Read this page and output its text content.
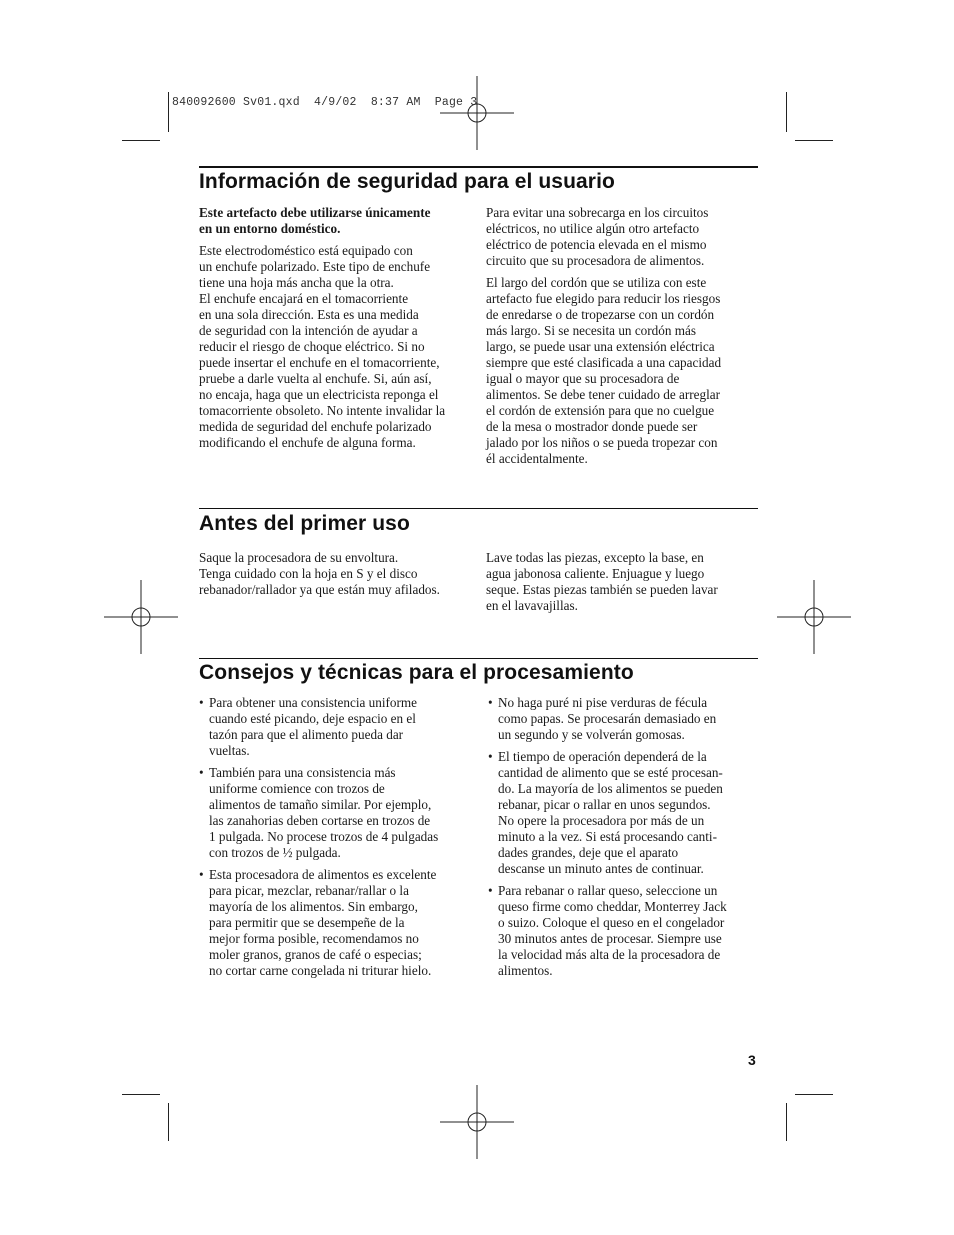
840092600 Sv01.qxd  4/9/02  8:37 AM  Page 3
Información de seguridad para el usuario

Este artefacto debe utilizarse únicamente
en un entorno doméstico.

Este electrodoméstico está equipado con
un enchufe polarizado. Este tipo de enchufe
tiene una hoja más ancha que la otra.
El enchufe encajará en el tomacorriente
en una sola dirección. Esta es una medida
de seguridad con la intención de ayudar a
reducir el riesgo de choque eléctrico. Si no
puede insertar el enchufe en el tomacorriente,
pruebe a darle vuelta al enchufe. Si, aún así,
no encaja, haga que un electricista reponga el
tomacorriente obsoleto. No intente invalidar la
medida de seguridad del enchufe polarizado
modificando el enchufe de alguna forma.

Para evitar una sobrecarga en los circuitos
eléctricos, no utilice algún otro artefacto
eléctrico de potencia elevada en el mismo
circuito que su procesadora de alimentos.

El largo del cordón que se utiliza con este
artefacto fue elegido para reducir los riesgos
de enredarse o de tropezarse con un cordón
más largo. Si se necesita un cordón más
largo, se puede usar una extensión eléctrica
siempre que esté clasificada a una capacidad
igual o mayor que su procesadora de
alimentos. Se debe tener cuidado de arreglar
el cordón de extensión para que no cuelgue
de la mesa o mostrador donde puede ser
jalado por los niños o se pueda tropezar con
él accidentalmente.

Antes del primer uso

Saque la procesadora de su envoltura.
Tenga cuidado con la hoja en S y el disco
rebanador/rallador ya que están muy afilados.

Lave todas las piezas, excepto la base, en
agua jabonosa caliente. Enjuague y luego
seque. Estas piezas también se pueden lavar
en el lavavajillas.

Consejos y técnicas para el procesamiento
• Para obtener una consistencia uniforme
cuando esté picando, deje espacio en el
tazón para que el alimento pueda dar
vueltas.
• También para una consistencia más
uniforme comience con trozos de
alimentos de tamaño similar. Por ejemplo,
las zanahorias deben cortarse en trozos de
1 pulgada. No procese trozos de 4 pulgadas
con trozos de ½ pulgada.
• Esta procesadora de alimentos es excelente
para picar, mezclar, rebanar/rallar o la
mayoría de los alimentos. Sin embargo,
para permitir que se desempeñe de la
mejor forma posible, recomendamos no
moler granos, granos de café o especias;
no cortar carne congelada ni triturar hielo.
• No haga puré ni pise verduras de fécula
como papas. Se procesarán demasiado en
un segundo y se volverán gomosas.
• El tiempo de operación dependerá de la
cantidad de alimento que se esté procesan-
do. La mayoría de los alimentos se pueden
rebanar, picar o rallar en unos segundos.
No opere la procesadora por más de un
minuto a la vez. Si está procesando canti-
dades grandes, deje que el aparato
descanse un minuto antes de continuar.
• Para rebanar o rallar queso, seleccione un
queso firme como cheddar, Monterrey Jack
o suizo. Coloque el queso en el congelador
30 minutos antes de procesar. Siempre use
la velocidad más alta de la procesadora de
alimentos.
3
